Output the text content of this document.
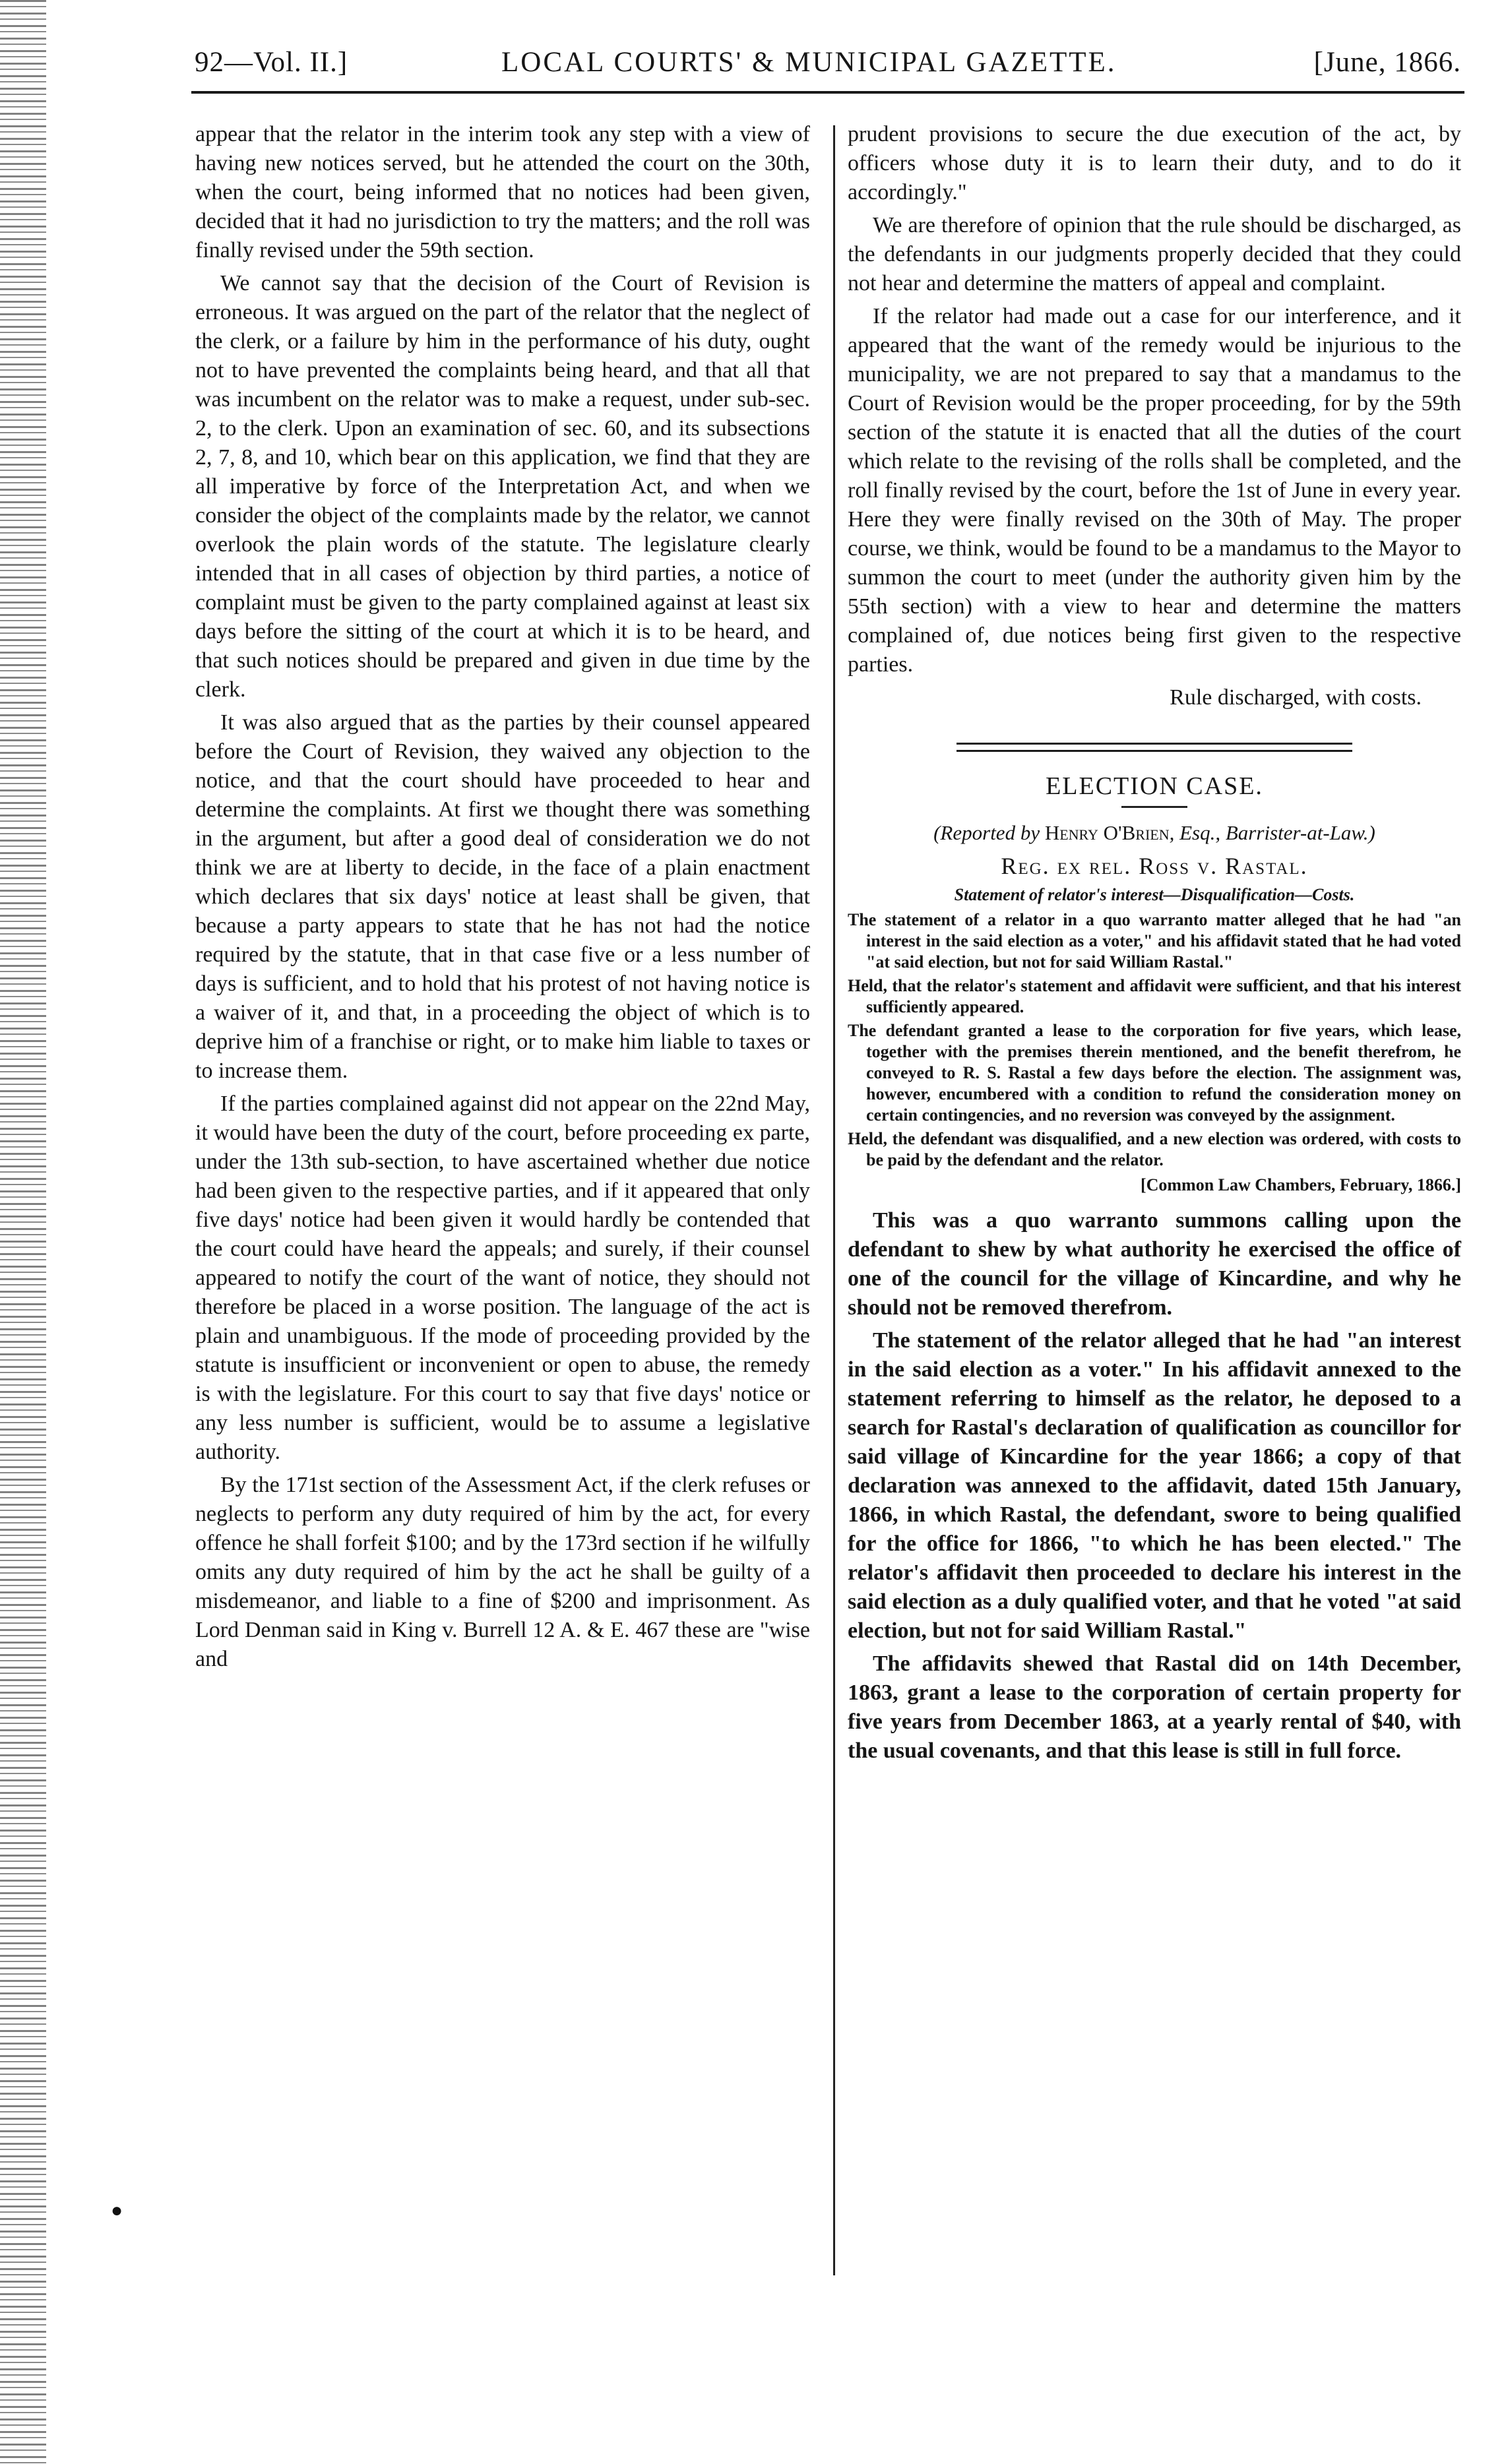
92—Vol. II.]	LOCAL COURTS' & MUNICIPAL GAZETTE.	[June, 1866.

appear that the relator in the interim took any step with a view of having new notices served, but he attended the court on the 30th, when the court, being informed that no notices had been given, decided that it had no jurisdiction to try the matters; and the roll was finally revised under the 59th section.

We cannot say that the decision of the Court of Revision is erroneous. It was argued on the part of the relator that the neglect of the clerk, or a failure by him in the performance of his duty, ought not to have prevented the complaints being heard, and that all that was incumbent on the relator was to make a request, under sub-sec. 2, to the clerk. Upon an examination of sec. 60, and its subsections 2, 7, 8, and 10, which bear on this application, we find that they are all imperative by force of the Interpretation Act, and when we consider the object of the complaints made by the relator, we cannot overlook the plain words of the statute. The legislature clearly intended that in all cases of objection by third parties, a notice of complaint must be given to the party complained against at least six days before the sitting of the court at which it is to be heard, and that such notices should be prepared and given in due time by the clerk.

It was also argued that as the parties by their counsel appeared before the Court of Revision, they waived any objection to the notice, and that the court should have proceeded to hear and determine the complaints. At first we thought there was something in the argument, but after a good deal of consideration we do not think we are at liberty to decide, in the face of a plain enactment which declares that six days' notice at least shall be given, that because a party appears to state that he has not had the notice required by the statute, that in that case five or a less number of days is sufficient, and to hold that his protest of not having notice is a waiver of it, and that, in a proceeding the object of which is to deprive him of a franchise or right, or to make him liable to taxes or to increase them.

If the parties complained against did not appear on the 22nd May, it would have been the duty of the court, before proceeding ex parte, under the 13th sub-section, to have ascertained whether due notice had been given to the respective parties, and if it appeared that only five days' notice had been given it would hardly be contended that the court could have heard the appeals; and surely, if their counsel appeared to notify the court of the want of notice, they should not therefore be placed in a worse position. The language of the act is plain and unambiguous. If the mode of proceeding provided by the statute is insufficient or inconvenient or open to abuse, the remedy is with the legislature. For this court to say that five days' notice or any less number is sufficient, would be to assume a legislative authority.

By the 171st section of the Assessment Act, if the clerk refuses or neglects to perform any duty required of him by the act, for every offence he shall forfeit $100; and by the 173rd section if he wilfully omits any duty required of him by the act he shall be guilty of a misdemeanor, and liable to a fine of $200 and imprisonment. As Lord Denman said in King v. Burrell 12 A. & E. 467 these are "wise and

prudent provisions to secure the due execution of the act, by officers whose duty it is to learn their duty, and to do it accordingly."

We are therefore of opinion that the rule should be discharged, as the defendants in our judgments properly decided that they could not hear and determine the matters of appeal and complaint.

If the relator had made out a case for our interference, and it appeared that the want of the remedy would be injurious to the municipality, we are not prepared to say that a mandamus to the Court of Revision would be the proper proceeding, for by the 59th section of the statute it is enacted that all the duties of the court which relate to the revising of the rolls shall be completed, and the roll finally revised by the court, before the 1st of June in every year. Here they were finally revised on the 30th of May. The proper course, we think, would be found to be a mandamus to the Mayor to summon the court to meet (under the authority given him by the 55th section) with a view to hear and determine the matters complained of, due notices being first given to the respective parties.

Rule discharged, with costs.

ELECTION CASE.

(Reported by Henry O'Brien, Esq., Barrister-at-Law.)

Reg. ex rel. Ross v. Rastal.

Statement of relator's interest—Disqualification—Costs.

The statement of a relator in a quo warranto matter alleged that he had "an interest in the said election as a voter," and his affidavit stated that he had voted "at said election, but not for said William Rastal."

Held, that the relator's statement and affidavit were sufficient, and that his interest sufficiently appeared.

The defendant granted a lease to the corporation for five years, which lease, together with the premises therein mentioned, and the benefit therefrom, he conveyed to R. S. Rastal a few days before the election. The assignment was, however, encumbered with a condition to refund the consideration money on certain contingencies, and no reversion was conveyed by the assignment.

Held, the defendant was disqualified, and a new election was ordered, with costs to be paid by the defendant and the relator.

[Common Law Chambers, February, 1866.]

This was a quo warranto summons calling upon the defendant to shew by what authority he exercised the office of one of the council for the village of Kincardine, and why he should not be removed therefrom.

The statement of the relator alleged that he had "an interest in the said election as a voter." In his affidavit annexed to the statement referring to himself as the relator, he deposed to a search for Rastal's declaration of qualification as councillor for said village of Kincardine for the year 1866; a copy of that declaration was annexed to the affidavit, dated 15th January, 1866, in which Rastal, the defendant, swore to being qualified for the office for 1866, "to which he has been elected." The relator's affidavit then proceeded to declare his interest in the said election as a duly qualified voter, and that he voted "at said election, but not for said William Rastal."

The affidavits shewed that Rastal did on 14th December, 1863, grant a lease to the corporation of certain property for five years from December 1863, at a yearly rental of $40, with the usual covenants, and that this lease is still in full force.

●
